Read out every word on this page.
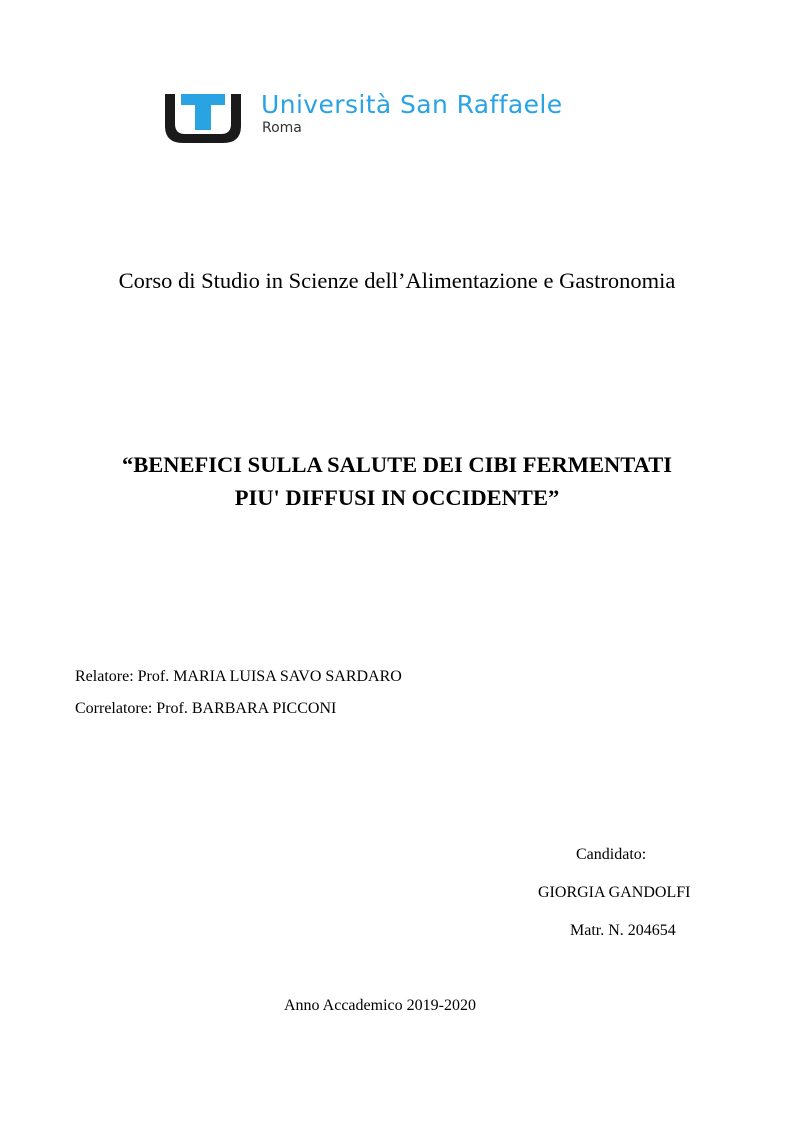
Università San Raffaele
Roma
Corso di Studio in Scienze dell’Alimentazione e Gastronomia
“BENEFICI SULLA SALUTE DEI CIBI FERMENTATI
PIU' DIFFUSI IN OCCIDENTE”
Relatore: Prof. MARIA LUISA SAVO SARDARO
Correlatore: Prof. BARBARA PICCONI
Candidato:
GIORGIA GANDOLFI
Matr. N. 204654
Anno Accademico 2019-2020
